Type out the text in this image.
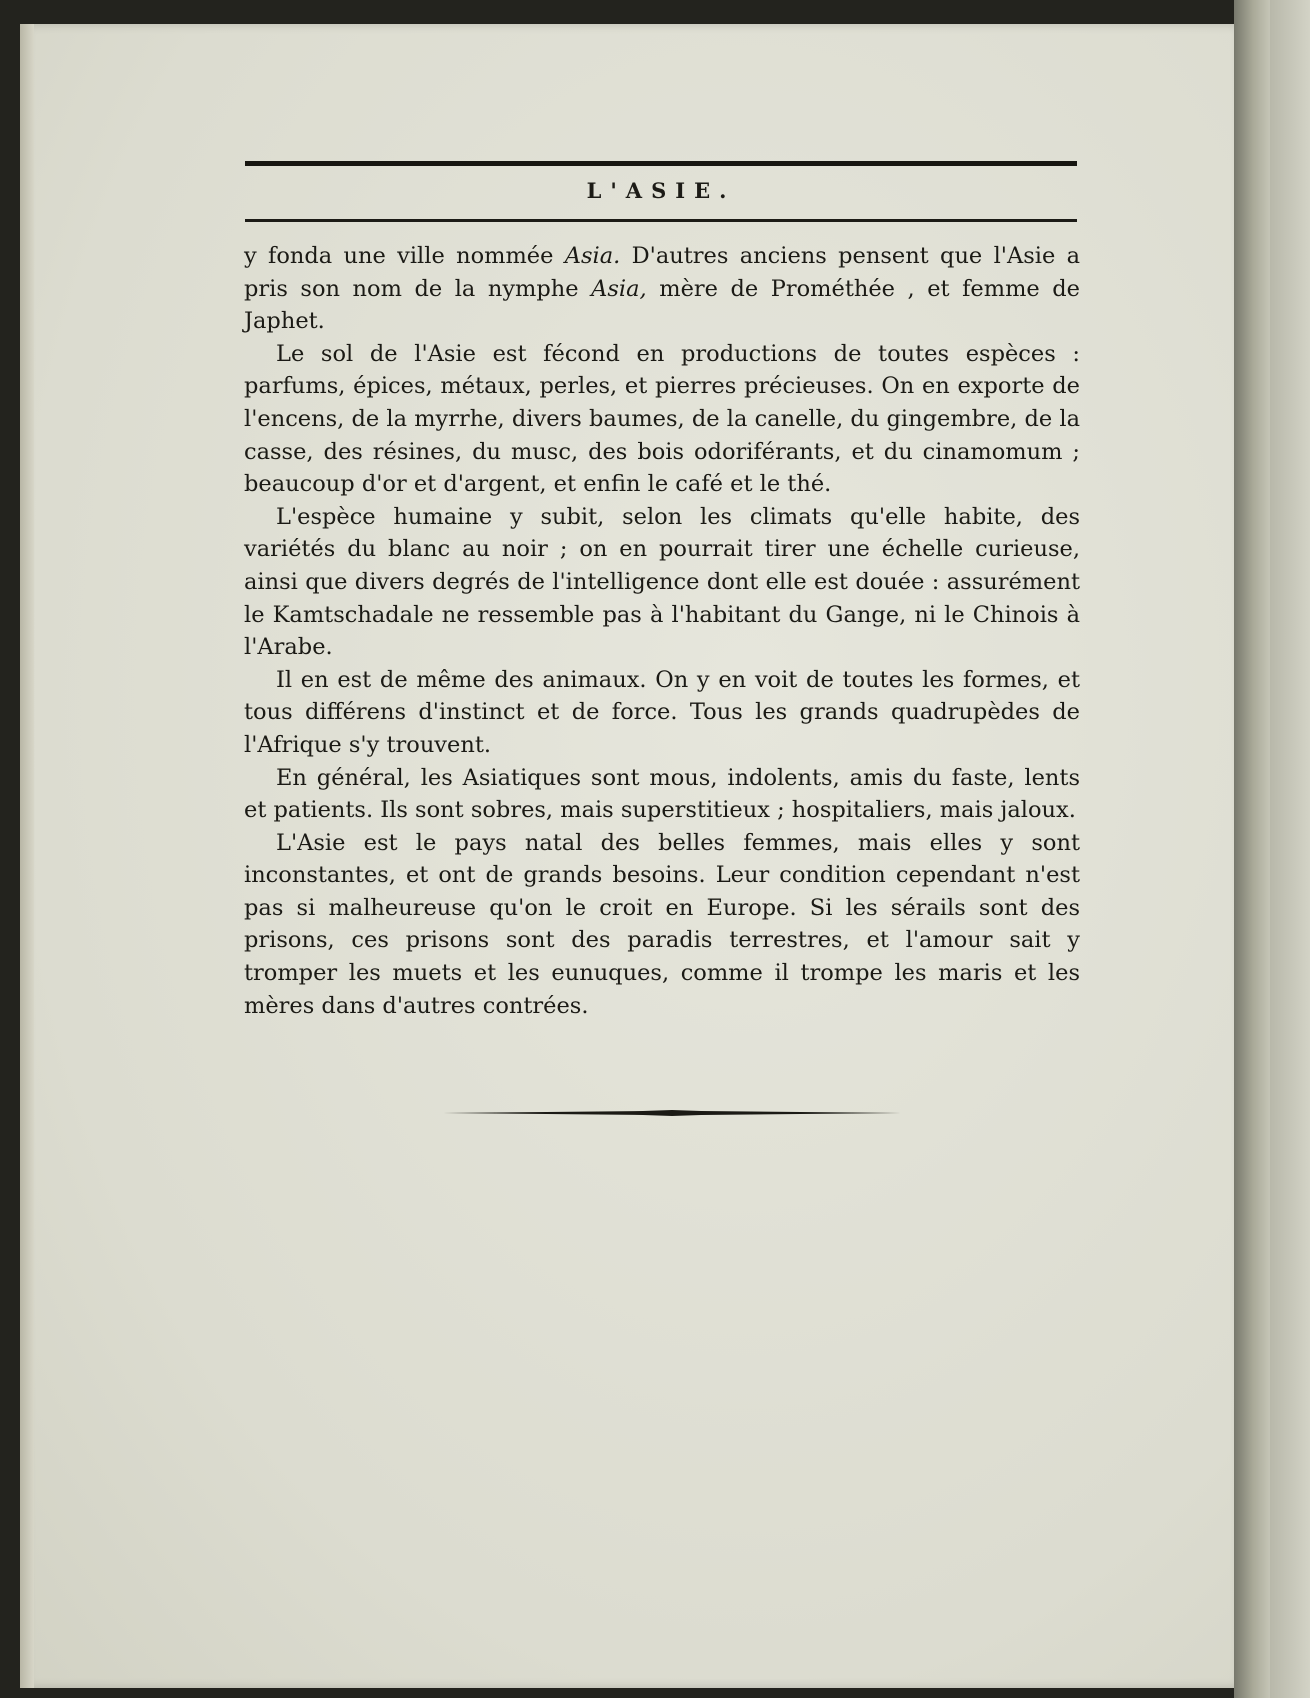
L'ASIE.

y fonda une ville nommée Asia. D'autres anciens pensent que l'Asie a pris son nom de la nymphe Asia, mère de Prométhée , et femme de Japhet.

Le sol de l'Asie est fécond en productions de toutes espèces : parfums, épices, métaux, perles, et pierres précieuses. On en exporte de l'encens, de la myrrhe, divers baumes, de la canelle, du gingembre, de la casse, des résines, du musc, des bois odoriférants, et du cinamomum ; beaucoup d'or et d'argent, et enfin le café et le thé.

L'espèce humaine y subit, selon les climats qu'elle habite, des variétés du blanc au noir ; on en pourrait tirer une échelle curieuse, ainsi que divers degrés de l'intelligence dont elle est douée : assurément le Kamtschadale ne ressemble pas à l'habitant du Gange, ni le Chinois à l'Arabe.

Il en est de même des animaux. On y en voit de toutes les formes, et tous différens d'instinct et de force. Tous les grands quadrupèdes de l'Afrique s'y trouvent.

En général, les Asiatiques sont mous, indolents, amis du faste, lents et patients. Ils sont sobres, mais superstitieux ; hospitaliers, mais jaloux.

L'Asie est le pays natal des belles femmes, mais elles y sont inconstantes, et ont de grands besoins. Leur condition cependant n'est pas si malheureuse qu'on le croit en Europe. Si les sérails sont des prisons, ces prisons sont des paradis terrestres, et l'amour sait y tromper les muets et les eunuques, comme il trompe les maris et les mères dans d'autres contrées.
